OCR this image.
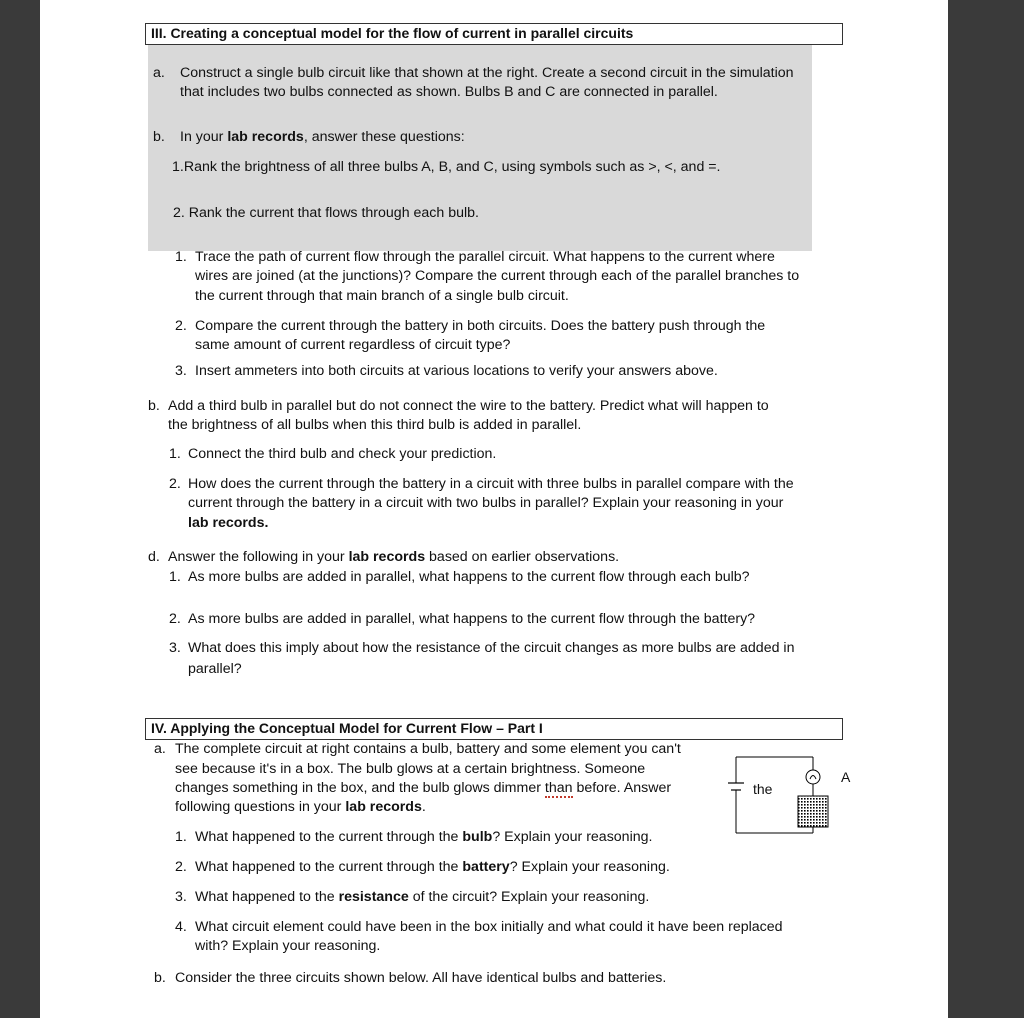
III. Creating a conceptual model for the flow of current in parallel circuits
a. Construct a single bulb circuit like that shown at the right. Create a second circuit in the simulation
that includes two bulbs connected as shown. Bulbs B and C are connected in parallel.
b. In your lab records, answer these questions:
1.Rank the brightness of all three bulbs A, B, and C, using symbols such as >, <, and =.
2. Rank the current that flows through each bulb.
1. Trace the path of current flow through the parallel circuit. What happens to the current where
wires are joined (at the junctions)? Compare the current through each of the parallel branches to
the current through that main branch of a single bulb circuit.
2. Compare the current through the battery in both circuits. Does the battery push through the
same amount of current regardless of circuit type?
3. Insert ammeters into both circuits at various locations to verify your answers above.
b. Add a third bulb in parallel but do not connect the wire to the battery. Predict what will happen to
the brightness of all bulbs when this third bulb is added in parallel.
1. Connect the third bulb and check your prediction.
2. How does the current through the battery in a circuit with three bulbs in parallel compare with the
current through the battery in a circuit with two bulbs in parallel? Explain your reasoning in your
lab records.
d. Answer the following in your lab records based on earlier observations.
1. As more bulbs are added in parallel, what happens to the current flow through each bulb?
2. As more bulbs are added in parallel, what happens to the current flow through the battery?
3. What does this imply about how the resistance of the circuit changes as more bulbs are added in
parallel?
IV. Applying the Conceptual Model for Current Flow – Part I
a. The complete circuit at right contains a bulb, battery and some element you can't
see because it's in a box. The bulb glows at a certain brightness. Someone
changes something in the box, and the bulb glows dimmer than before. Answer
following questions in your lab records.
1. What happened to the current through the bulb? Explain your reasoning.
2. What happened to the current through the battery? Explain your reasoning.
3. What happened to the resistance of the circuit? Explain your reasoning.
4. What circuit element could have been in the box initially and what could it have been replaced
with? Explain your reasoning.
b. Consider the three circuits shown below. All have identical bulbs and batteries.
the
A
